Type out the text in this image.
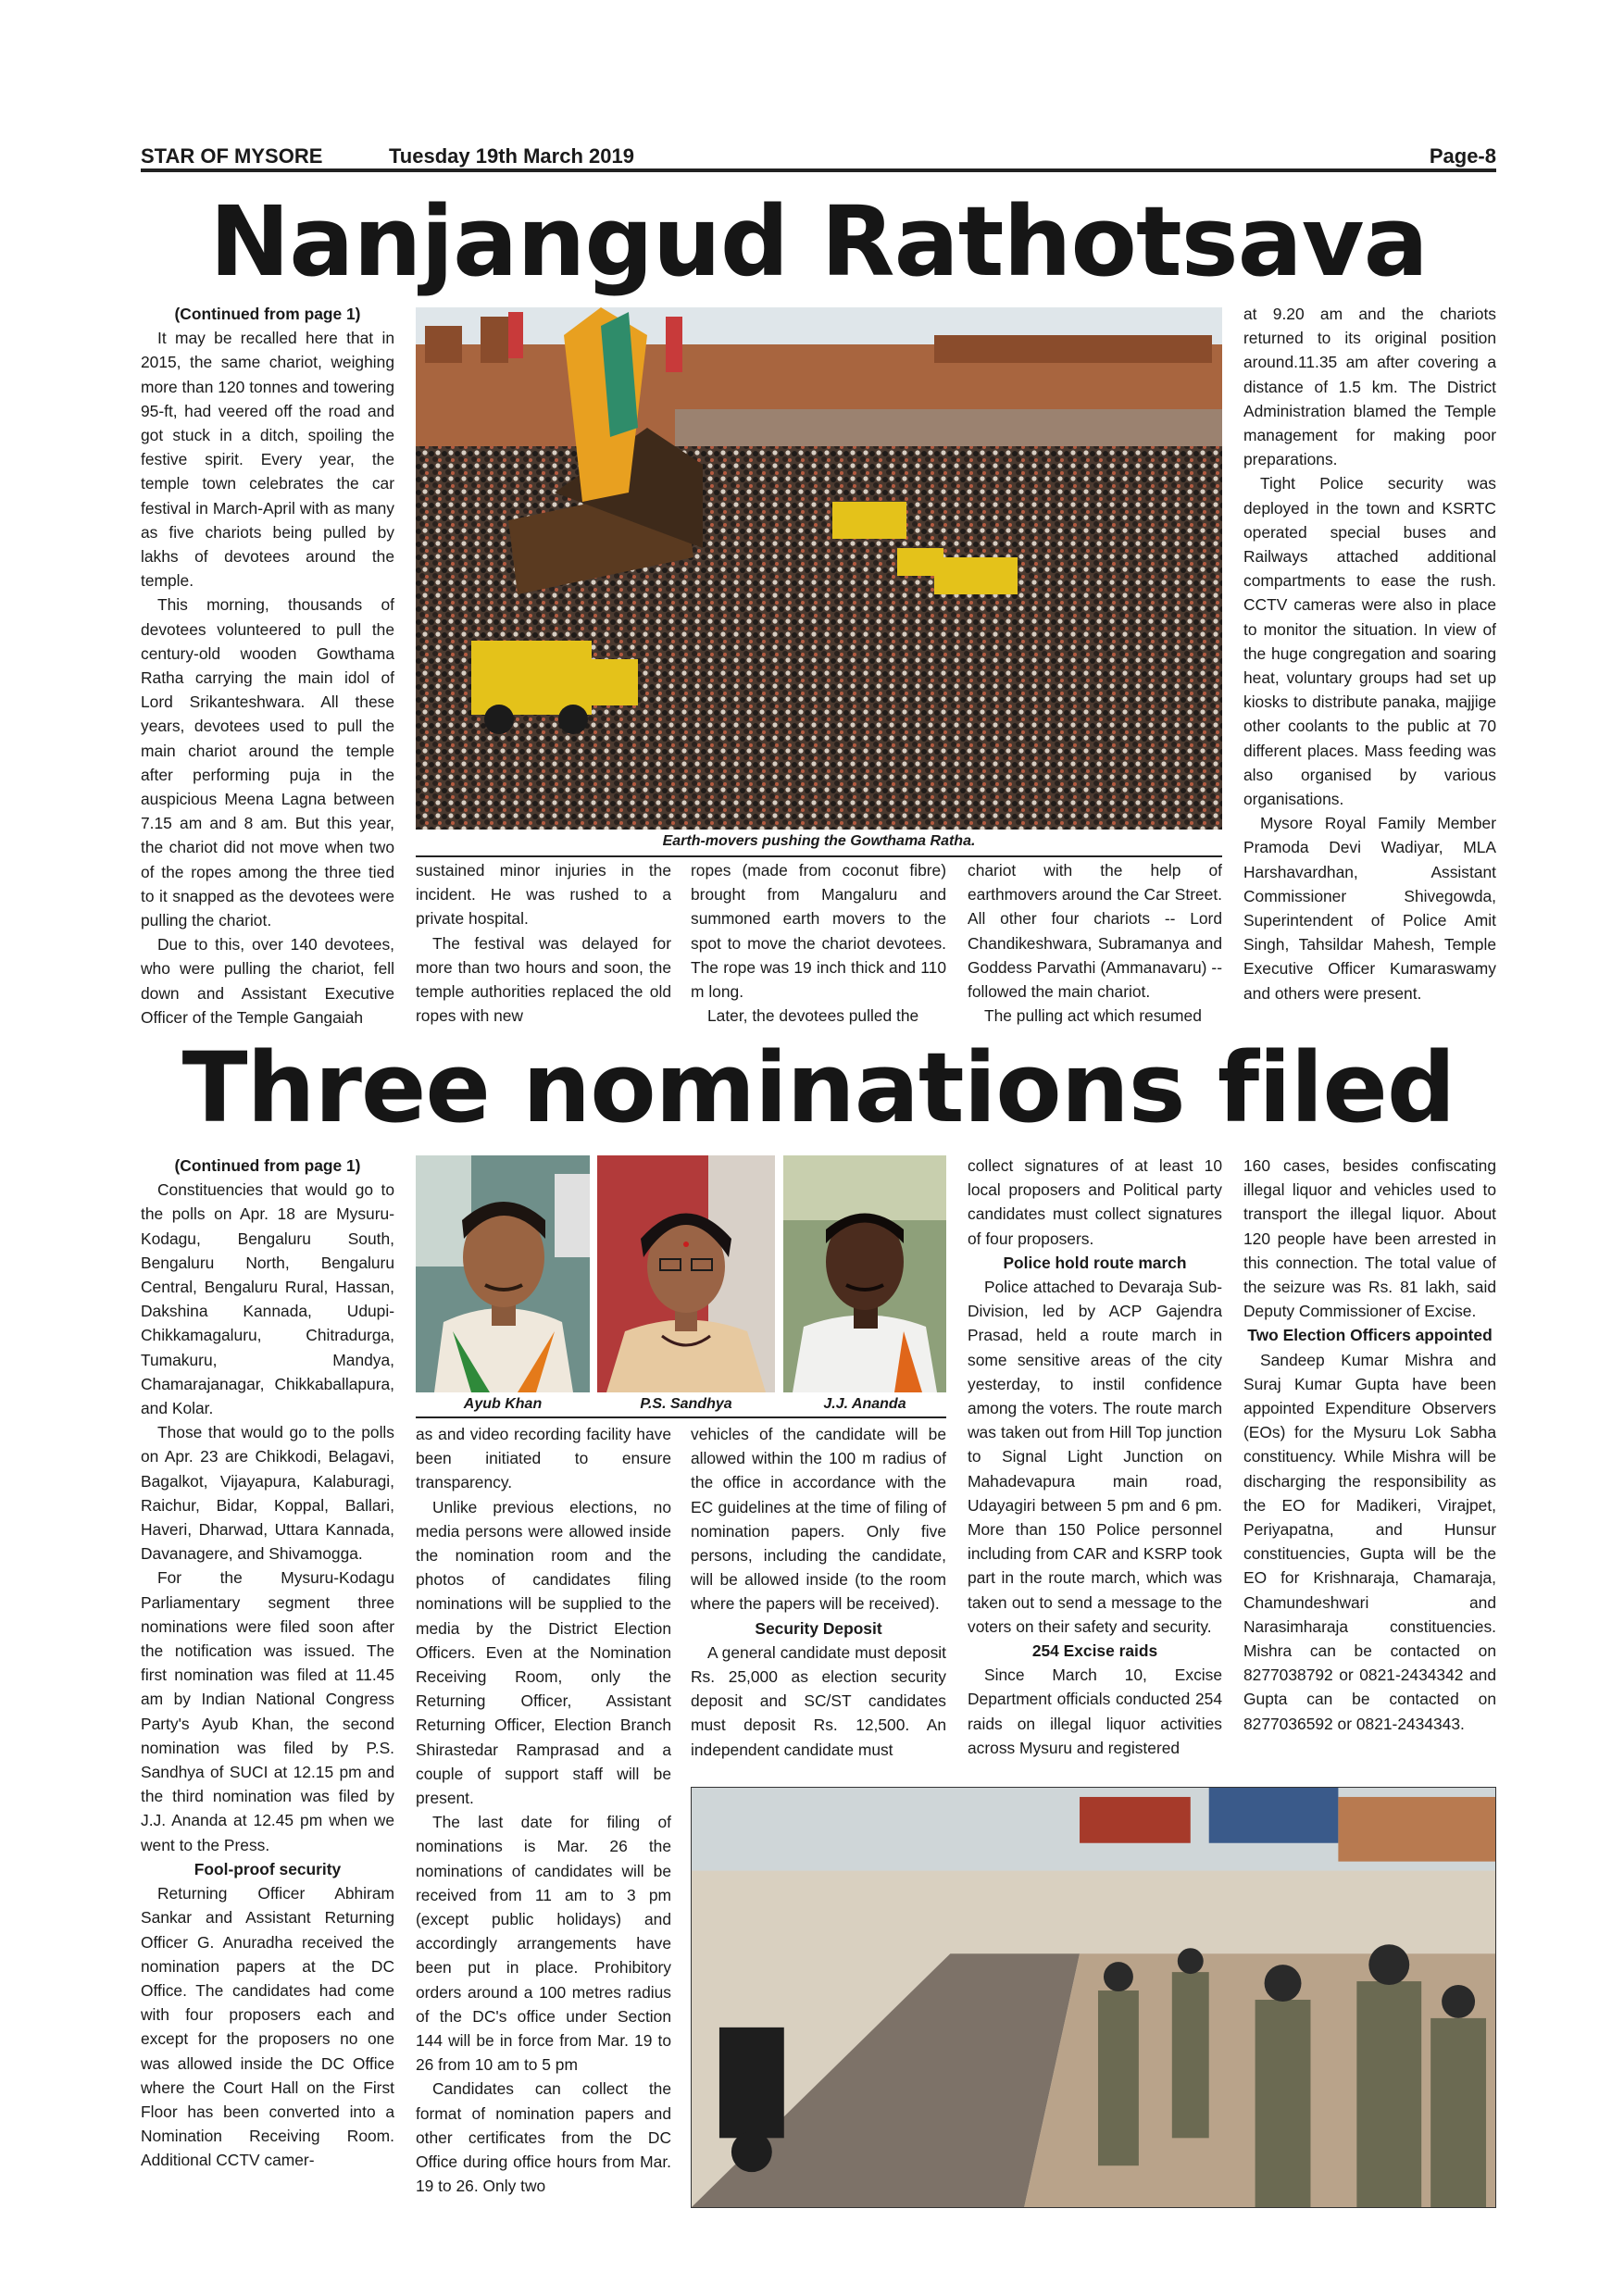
STAR OF MYSORE	Tuesday 19th March 2019	Page-8
Nanjangud Rathotsava

(Continued from page 1)

It may be recalled here that in 2015, the same chariot, weighing more than 120 tonnes and towering 95-ft, had veered off the road and got stuck in a ditch, spoiling the festive spirit. Every year, the temple town celebrates the car festival in March-April with as many as five chariots being pulled by lakhs of devotees around the temple.

This morning, thousands of devotees volunteered to pull the century-old wooden Gowthama Ratha carrying the main idol of Lord Srikanteshwara. All these years, devotees used to pull the main chariot around the temple after performing puja in the auspicious Meena Lagna between 7.15 am and 8 am. But this year, the chariot did not move when two of the ropes among the three tied to it snapped as the devotees were pulling the chariot.

Due to this, over 140 devotees, who were pulling the chariot, fell down and Assistant Executive Officer of the Temple Gangaiah

Earth-movers pushing the Gowthama Ratha.

sustained minor injuries in the incident. He was rushed to a private hospital.

The festival was delayed for more than two hours and soon, the temple authorities replaced the old ropes with new

ropes (made from coconut fibre) brought from Mangaluru and summoned earth movers to the spot to move the chariot devotees. The rope was 19 inch thick and 110 m long.

Later, the devotees pulled the

chariot with the help of earthmovers around the Car Street. All other four chariots -- Lord Chandikeshwara, Subramanya and Goddess Parvathi (Ammanavaru) -- followed the main chariot.

The pulling act which resumed

at 9.20 am and the chariots returned to its original position around.11.35 am after covering a distance of 1.5 km. The District Administration blamed the Temple management for making poor preparations.

Tight Police security was deployed in the town and KSRTC operated special buses and Railways attached additional compartments to ease the rush. CCTV cameras were also in place to monitor the situation. In view of the huge congregation and soaring heat, voluntary groups had set up kiosks to distribute panaka, majjige other coolants to the public at 70 different places. Mass feeding was also organised by various organisations.

Mysore Royal Family Member Pramoda Devi Wadiyar, MLA Harshavardhan, Assistant Commissioner Shivegowda, Superintendent of Police Amit Singh, Tahsildar Mahesh, Temple Executive Officer Kumaraswamy and others were present.

Three nominations filed

(Continued from page 1)

Constituencies that would go to the polls on Apr. 18 are Mysuru-Kodagu, Bengaluru South, Bengaluru North, Bengaluru Central, Bengaluru Rural, Hassan, Dakshina Kannada, Udupi-Chikkamagaluru, Chitradurga, Tumakuru, Mandya, Chamarajanagar, Chikkaballapura, and Kolar.

Those that would go to the polls on Apr. 23 are Chikkodi, Belagavi, Bagalkot, Vijayapura, Kalaburagi, Raichur, Bidar, Koppal, Ballari, Haveri, Dharwad, Uttara Kannada, Davanagere, and Shivamogga.

For the Mysuru-Kodagu Parliamentary segment three nominations were filed soon after the notification was issued. The first nomination was filed at 11.45 am by Indian National Congress Party's Ayub Khan, the second nomination was filed by P.S. Sandhya of SUCI at 12.15 pm and the third nomination was filed by J.J. Ananda at 12.45 pm when we went to the Press.

Fool-proof security

Returning Officer Abhiram Sankar and Assistant Returning Officer G. Anuradha received the nomination papers at the DC Office. The candidates had come with four proposers each and except for the proposers no one was allowed inside the DC Office where the Court Hall on the First Floor has been converted into a Nomination Receiving Room. Additional CCTV camer-

Ayub Khan	P.S. Sandhya	J.J. Ananda

as and video recording facility have been initiated to ensure transparency.

Unlike previous elections, no media persons were allowed inside the nomination room and the photos of candidates filing nominations will be supplied to the media by the District Election Officers. Even at the Nomination Receiving Room, only the Returning Officer, Assistant Returning Officer, Election Branch Shirastedar Ramprasad and a couple of support staff will be present.

The last date for filing of nominations is Mar. 26 the nominations of candidates will be received from 11 am to 3 pm (except public holidays) and accordingly arrangements have been put in place. Prohibitory orders around a 100 metres radius of the DC's office under Section 144 will be in force from Mar. 19 to 26 from 10 am to 5 pm

Candidates can collect the format of nomination papers and other certificates from the DC Office during office hours from Mar. 19 to 26. Only two

vehicles of the candidate will be allowed within the 100 m radius of the office in accordance with the EC guidelines at the time of filing of nomination papers. Only five persons, including the candidate, will be allowed inside (to the room where the papers will be received).

Security Deposit

A general candidate must deposit Rs. 25,000 as election security deposit and SC/ST candidates must deposit Rs. 12,500. An independent candidate must

collect signatures of at least 10 local proposers and Political party candidates must collect signatures of four proposers.

Police hold route march

Police attached to Devaraja Sub-Division, led by ACP Gajendra Prasad, held a route march in some sensitive areas of the city yesterday, to instil confidence among the voters. The route march was taken out from Hill Top junction to Signal Light Junction on Mahadevapura main road, Udayagiri between 5 pm and 6 pm. More than 150 Police personnel including from CAR and KSRP took part in the route march, which was taken out to send a message to the voters on their safety and security.

254 Excise raids

Since March 10, Excise Department officials conducted 254 raids on illegal liquor activities across Mysuru and registered

160 cases, besides confiscating illegal liquor and vehicles used to transport the illegal liquor. About 120 people have been arrested in this connection. The total value of the seizure was Rs. 81 lakh, said Deputy Commissioner of Excise.

Two Election Officers appointed

Sandeep Kumar Mishra and Suraj Kumar Gupta have been appointed Expenditure Observers (EOs) for the Mysuru Lok Sabha constituency. While Mishra will be discharging the responsibility as the EO for Madikeri, Virajpet, Periyapatna, and Hunsur constituencies, Gupta will be the EO for Krishnaraja, Chamaraja, Chamundeshwari and Narasimharaja constituencies. Mishra can be contacted on 8277038792 or 0821-2434342 and Gupta can be contacted on 8277036592 or 0821-2434343.
